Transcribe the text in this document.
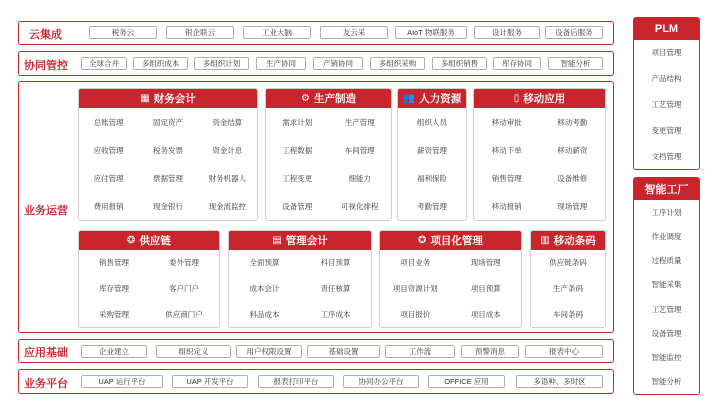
云集成	税务云	银企联云	工业大脑	友云采	AIoT 物联服务	设计服务	设备后服务
协同管控	全球合并	多组织成本	多组织计划	生产协同	产销协同	多组织采购	多组织销售	库存协同	智能分析
业务运营
▦ 财务会计
总账管理	固定资产	资金结算
应收管理	税务发票	资金计息
应付管理	票据管理	财务机器人
费用报销	现金银行	现金流监控
⚙ 生产制造
需求计划	生产管理
工程数据	车间管理
工程变更	细能力
设备管理	可视化排程
👥 人力资源
组织人员
薪资管理
福利保险
考勤管理
▯ 移动应用
移动审批	移动考勤
移动下单	移动薪资
销售管理	设备维修
移动报销	现场管理
❂ 供应链
销售管理	委外管理
库存管理	客户门户
采购管理	供应商门户
▤ 管理会计
全面预算	科目预算
成本会计	责任核算
料品成本	工序成本
✪ 项目化管理
项目业务	现场管理
项目资源计划	项目预算
项目报价	项目成本
▥ 移动条码
供应链条码
生产条码
车间条码
应用基础	企业建立	组织定义	用户权限设置	基础设置	工作流	预警消息	报表中心
业务平台	UAP 运行平台	UAP 开发平台	报表打印平台	协同办公平台	OFFICE 应用	多语种、多时区
PLM
项目管理
产品结构
工艺管理
变更管理
文档管理
智能工厂
工序计划
作业调度
过程质量
智能采集
工艺管理
设备管理
智能监控
智能分析
